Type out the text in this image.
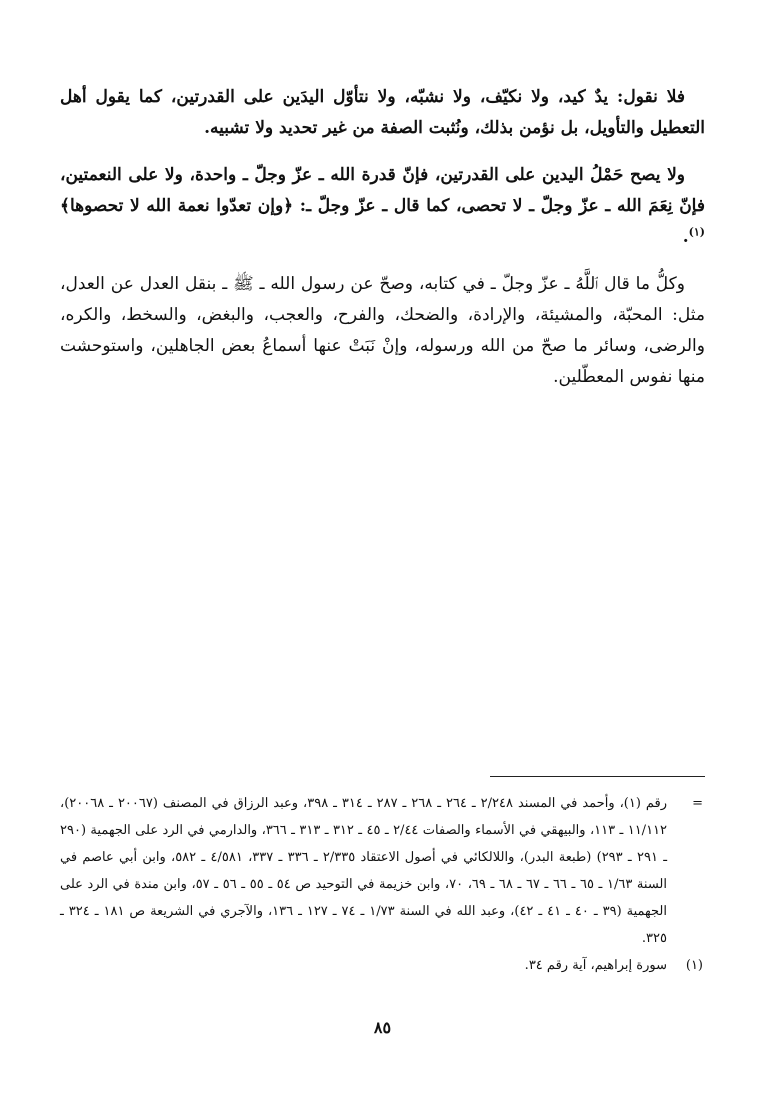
فلا نقول: يدٌ كيد، ولا نكيّف، ولا نشبّه، ولا نتأوّل اليدَين على القدرتين، كما يقول أهل التعطيل والتأويل، بل نؤمن بذلك، ونُثبت الصفة من غير تحديد ولا تشبيه.

ولا يصح حَمْلُ اليدين على القدرتين، فإنّ قدرة الله ـ عزّ وجلّ ـ واحدة، ولا على النعمتين، فإنّ نِعَمَ الله ـ عزّ وجلّ ـ لا تحصى، كما قال ـ عزّ وجلّ ـ: ﴿وإن تعدّوا نعمة الله لا تحصوها﴾$^{(١)}$.

وكلُّ ما قال ٱللَّهُ ـ عزّ وجلّ ـ في كتابه، وصحّ عن رسول الله ـ ﷺ ـ بنقل العدل عن العدل، مثل: المحبّة، والمشيئة، والإرادة، والضحك، والفرح، والعجب، والبغض، والسخط، والكره، والرضى، وسائر ما صحّ من الله ورسوله، وإنْ نَبَتْ عنها أسماعُ بعض الجاهلين، واستوحشت منها نفوس المعطّلين.

=
رقم (١)، وأحمد في المسند ٢/٢٤٨ ـ ٢٦٤ ـ ٢٦٨ ـ ٢٨٧ ـ ٣١٤ ـ ٣٩٨، وعبد الرزاق في المصنف (٢٠٠٦٧ ـ ٢٠٠٦٨)، ١١/١١٢ ـ ١١٣، والبيهقي في الأسماء والصفات ٢/٤٤ ـ ٤٥ ـ ٣١٢ ـ ٣١٣ ـ ٣٦٦، والدارمي في الرد على الجهمية (٢٩٠ ـ ٢٩١ ـ ٢٩٣) (طبعة البدر)، واللالكائي في أصول الاعتقاد ٢/٣٣٥ ـ ٣٣٦ ـ ٣٣٧، ٤/٥٨١ ـ ٥٨٢، وابن أبي عاصم في السنة ١/٦٣ ـ ٦٥ ـ ٦٦ ـ ٦٧ ـ ٦٨ ـ ٦٩، ٧٠، وابن خزيمة في التوحيد ص ٥٤ ـ ٥٥ ـ ٥٦ ـ ٥٧، وابن مندة في الرد على الجهمية (٣٩ ـ ٤٠ ـ ٤١ ـ ٤٢)، وعبد الله في السنة ١/٧٣ ـ ٧٤ ـ ١٢٧ ـ ١٣٦، والآجري في الشريعة ص ١٨١ ـ ٣٢٤ ـ ٣٢٥.
(١)
سورة إبراهيم، آية رقم ٣٤.
٨٥
